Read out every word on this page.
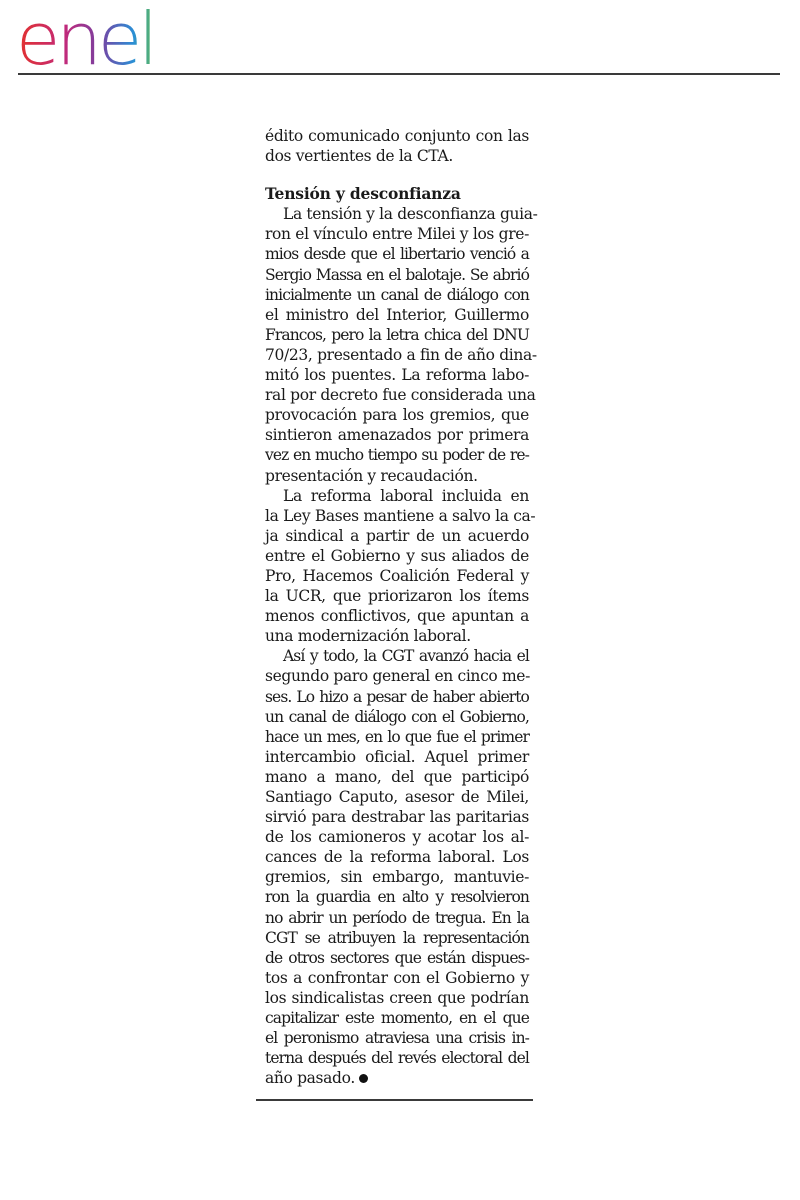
enel
édito comunicado conjunto con las
dos vertientes de la CTA.
Tensión y desconfianza
La tensión y la desconfianza guia-
ron el vínculo entre Milei y los gre-
mios desde que el libertario venció a
Sergio Massa en el balotaje. Se abrió
inicialmente un canal de diálogo con
el ministro del Interior, Guillermo
Francos, pero la letra chica del DNU
70/23, presentado a fin de año dina-
mitó los puentes. La reforma labo-
ral por decreto fue considerada una
provocación para los gremios, que
sintieron amenazados por primera
vez en mucho tiempo su poder de re-
presentación y recaudación.
La reforma laboral incluida en
la Ley Bases mantiene a salvo la ca-
ja sindical a partir de un acuerdo
entre el Gobierno y sus aliados de
Pro, Hacemos Coalición Federal y
la UCR, que priorizaron los ítems
menos conflictivos, que apuntan a
una modernización laboral.
Así y todo, la CGT avanzó hacia el
segundo paro general en cinco me-
ses. Lo hizo a pesar de haber abierto
un canal de diálogo con el Gobierno,
hace un mes, en lo que fue el primer
intercambio oficial. Aquel primer
mano a mano, del que participó
Santiago Caputo, asesor de Milei,
sirvió para destrabar las paritarias
de los camioneros y acotar los al-
cances de la reforma laboral. Los
gremios, sin embargo, mantuvie-
ron la guardia en alto y resolvieron
no abrir un período de tregua. En la
CGT se atribuyen la representación
de otros sectores que están dispues-
tos a confrontar con el Gobierno y
los sindicalistas creen que podrían
capitalizar este momento, en el que
el peronismo atraviesa una crisis in-
terna después del revés electoral del
año pasado.
